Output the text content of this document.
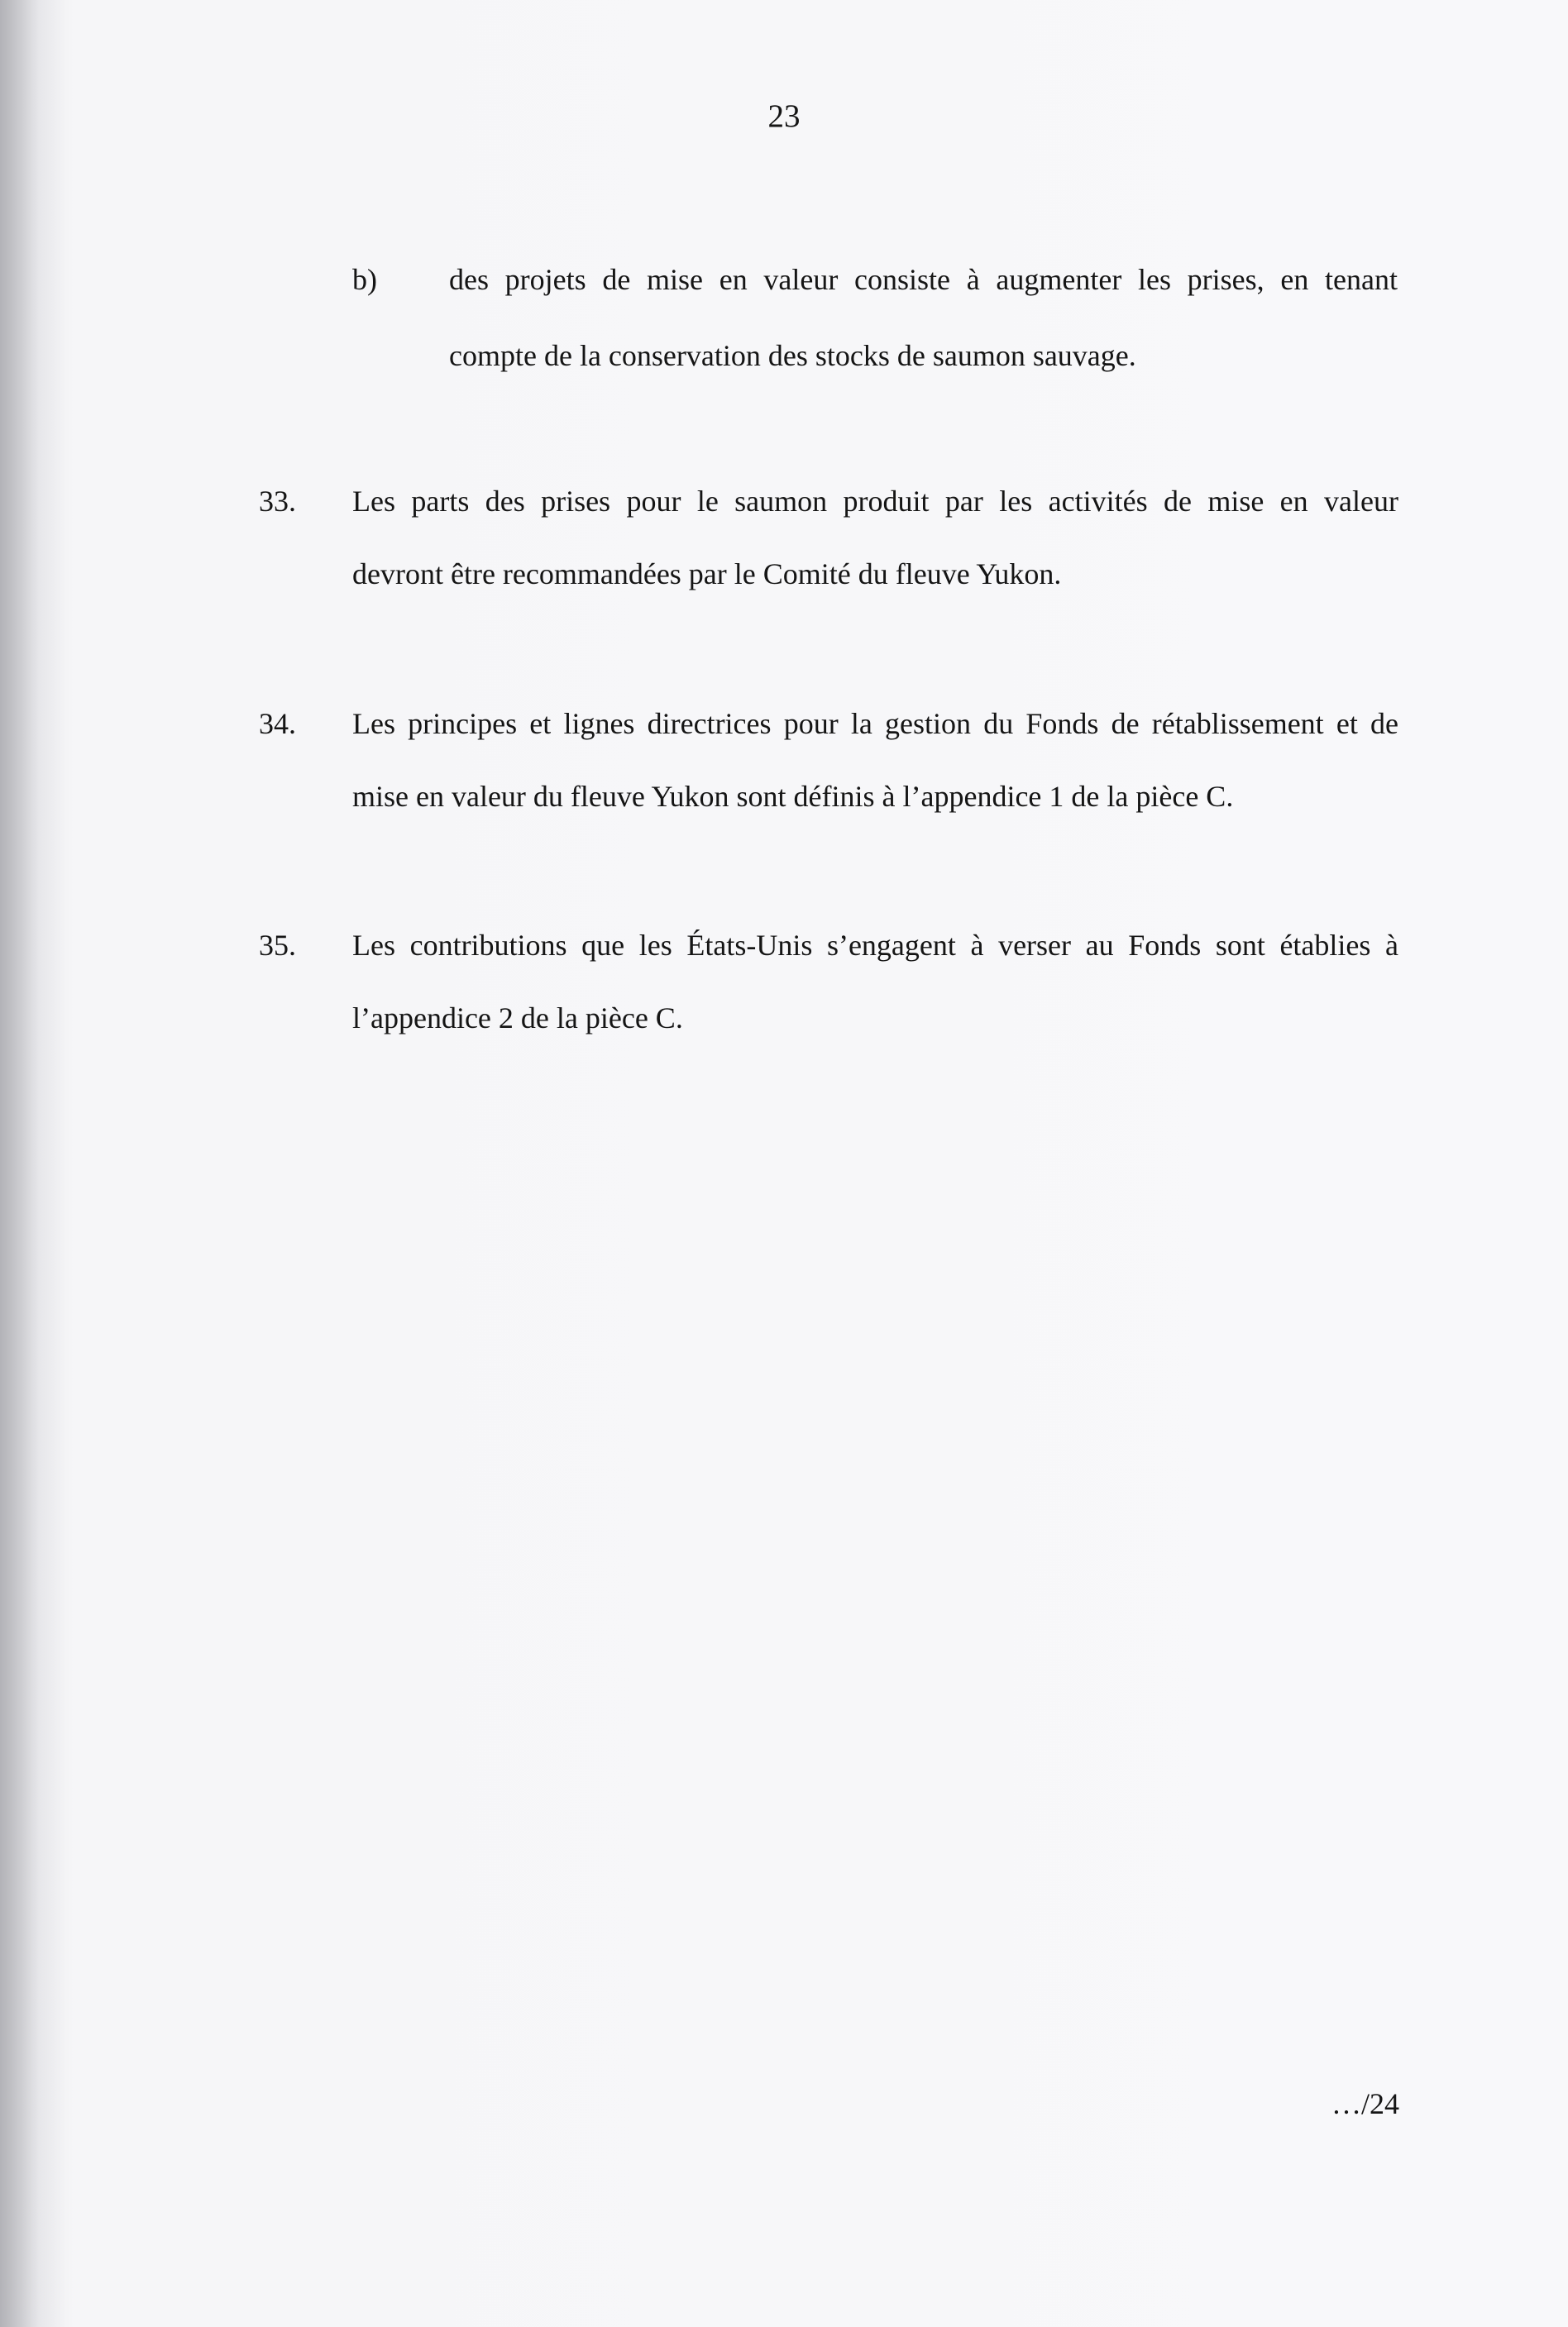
23
b) des projets de mise en valeur consiste à augmenter les prises, en tenant
compte de la conservation des stocks de saumon sauvage.
33. Les parts des prises pour le saumon produit par les activités de mise en valeur
devront être recommandées par le Comité du fleuve Yukon.
34. Les principes et lignes directrices pour la gestion du Fonds de rétablissement et de
mise en valeur du fleuve Yukon sont définis à l’appendice 1 de la pièce C.
35. Les contributions que les États-Unis s’engagent à verser au Fonds sont établies à
l’appendice 2 de la pièce C.
…/24
